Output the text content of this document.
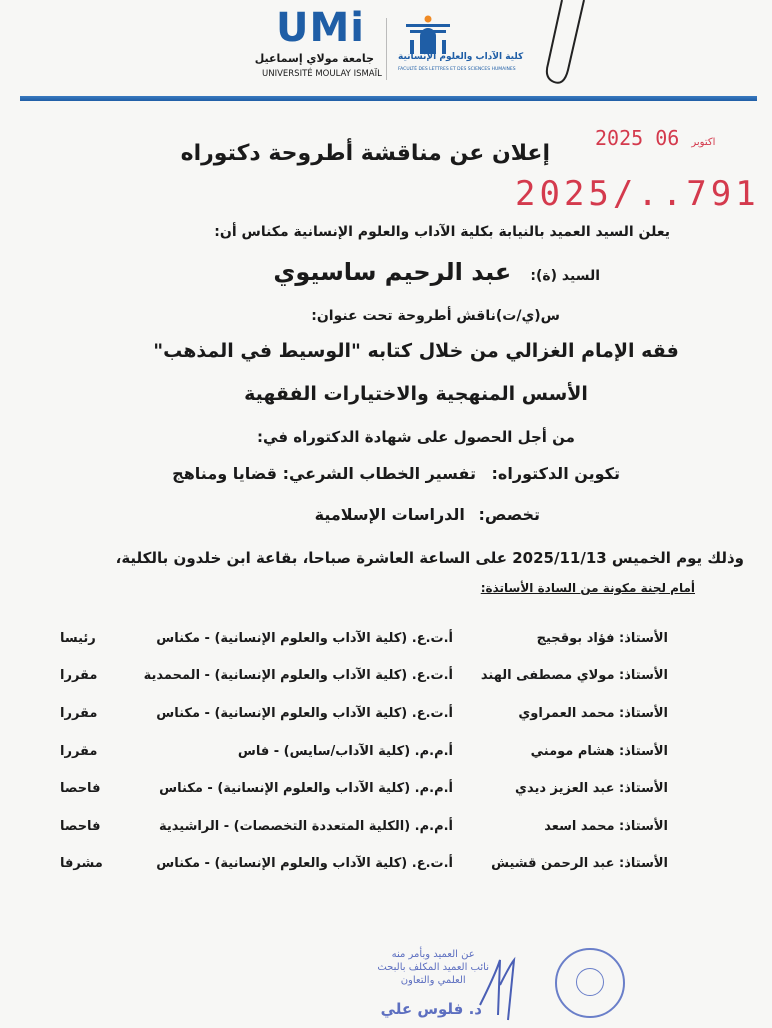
UMi
جامعة مولاي إسماعيل
UNIVERSITÉ MOULAY ISMAÏL
كلية الآداب والعلوم الإنسانية
FACULTÉ DES LETTRES ET DES SCIENCES HUMAINES
2025	اكتوبر 06
2025/..791
إعلان عن مناقشة أطروحة دكتوراه
يعلن السيد العميد بالنيابة بكلية الآداب والعلوم الإنسانية مكناس أن:
السيد (ة): عبد الرحيم ساسيوي
س(ي/ت)ناقش أطروحة تحت عنوان:
فقه الإمام الغزالي من خلال كتابه "الوسيط في المذهب"
الأسس المنهجية والاختيارات الفقهية
من أجل الحصول على شهادة الدكتوراه في:
تكوين الدكتوراه: تفسير الخطاب الشرعي: قضايا ومناهج
تخصص: الدراسات الإسلامية
وذلك يوم الخميس 2025/11/13 على الساعة العاشرة صباحا، بقاعة ابن خلدون بالكلية،
أمام لجنة مكونة من السادة الأساتذة:
الأستاذ: فؤاد بوقجيج
أ.ت.ع. (كلية الآداب والعلوم الإنسانية) - مكناس
رئيسا
الأستاذ: مولاي مصطفى الهند
أ.ت.ع. (كلية الآداب والعلوم الإنسانية) - المحمدية
مقررا
الأستاذ: محمد العمراوي
أ.ت.ع. (كلية الآداب والعلوم الإنسانية) - مكناس
مقررا
الأستاذ: هشام مومني
أ.م.م. (كلية الآداب/سايس) - فاس
مقررا
الأستاذ: عبد العزيز ديدي
أ.م.م. (كلية الآداب والعلوم الإنسانية) - مكناس
فاحصا
الأستاذ: محمد اسعد
أ.م.م. (الكلية المتعددة التخصصات) - الراشيدية
فاحصا
الأستاذ: عبد الرحمن قشيش
أ.ت.ع. (كلية الآداب والعلوم الإنسانية) - مكناس
مشرفا
عن العميد وبأمر منه
نائب العميد المكلف بالبحث
العلمي والتعاون
د. فلوس علي
